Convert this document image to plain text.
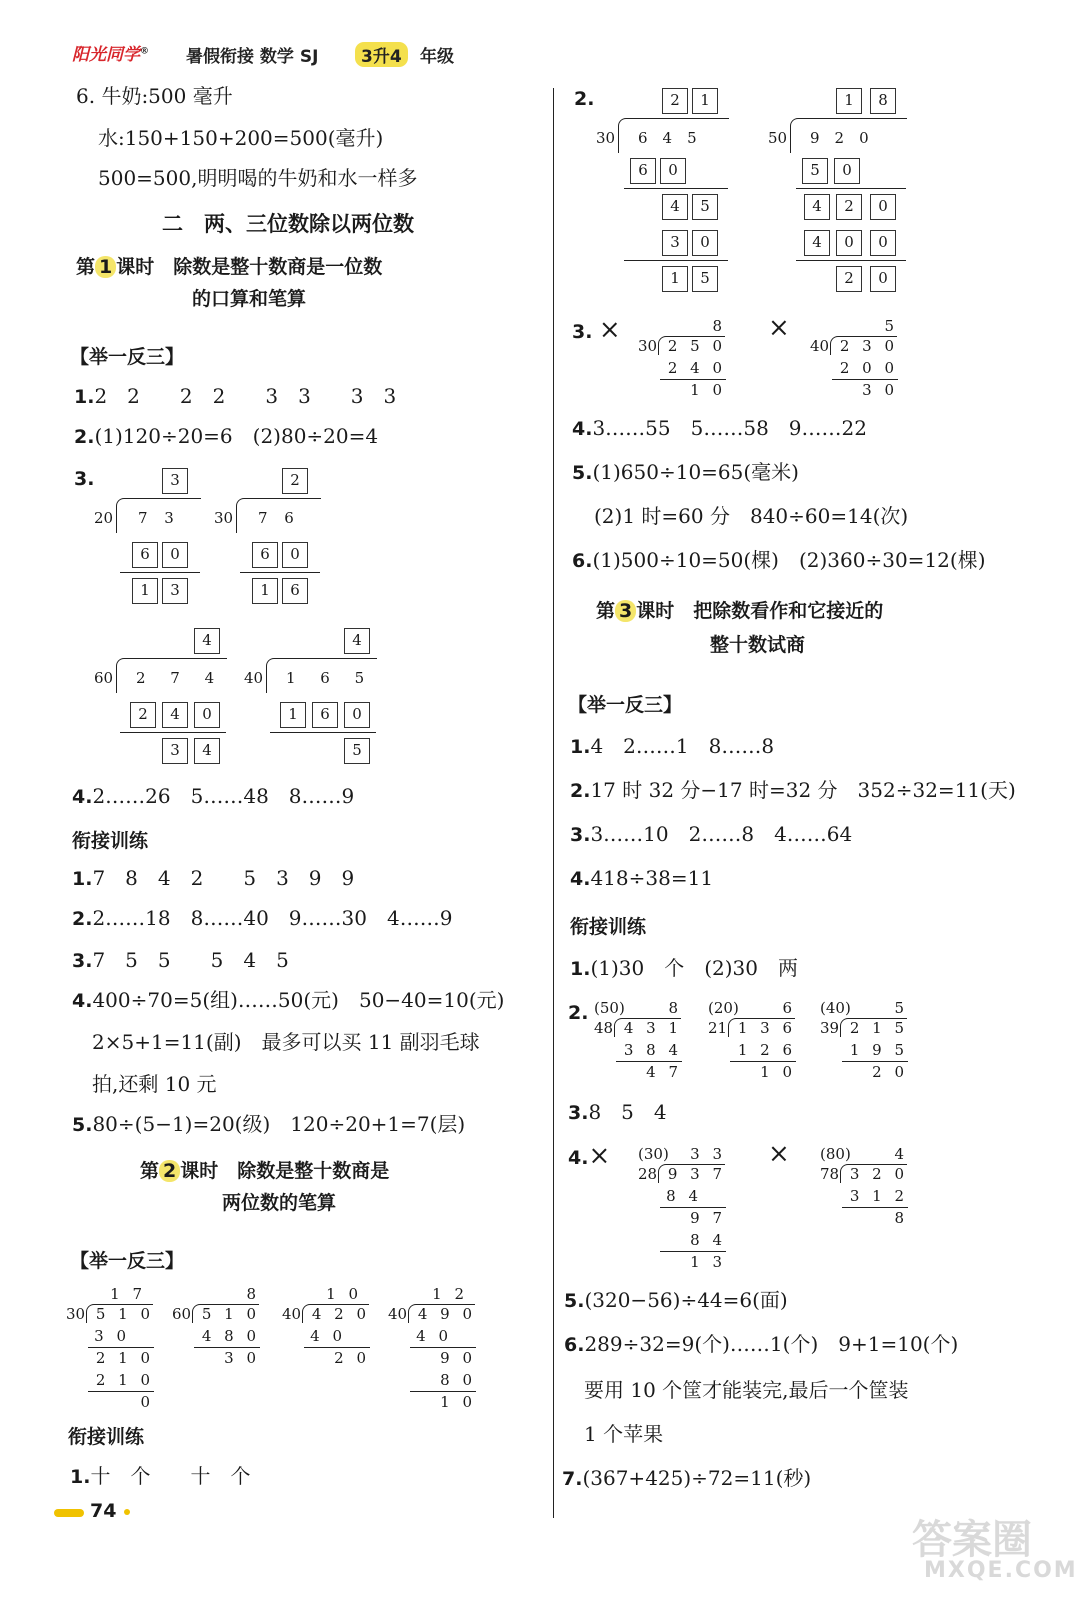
阳光同学® 暑假衔接 数学 SJ	3升4	年级
6. 牛奶:500 毫升
水:150+150+200=500(毫升)
500=500,明明喝的牛奶和水一样多
二　两、三位数除以两位数
第 1 课时　除数是整十数商是一位数
的口算和笔算
【举一反三】
1.2　2　　2　2　　3　3　　3　3
2.(1)120÷20=6　(2)80÷20=4
3.	3
20 7 3
6	0
1	3
2
30 7 6
6	0
1	6
4
60 2 7 4
2	4	0
3	4
4
40 1 6 5
1	6	0
5
4.2……26　5……48　8……9
衔接训练
1.7　8　4　2　　5　3　9　9
2.2……18　8……40　9……30　4……9
3.7　5　5　　5　4　5
4.400÷70=5(组)……50(元)　50−40=10(元)
2×5+1=11(副)　最多可以买 11 副羽毛球
拍,还剩 10 元
5.80÷(5−1)=20(级)　120÷20+1=7(层)
第 2 课时　除数是整十数商是
两位数的笔算
【举一反三】
1 7
30 5 1 0
3 0
2 1 0
2 1 0
0
8
60 5 1 0
4 8 0
3 0
1 0
40 4 2 0
4 0
2 0
1 2
40 4 9 0
4 0
9 0
8 0
1 0
衔接训练
1.十　个　　十　个
74
2.	2	1
30 6　4　5
6	0
4	5
3	0
1	5
1	8
50 9　2　0
5	0
4	2	0
4	0	0
2	0
3. ×	8
30 2 5 0
2 4 0
1 0
×	5
40 2 3 0
2 0 0
3 0
4.3……55　5……58　9……22
5.(1)650÷10=65(毫米)
(2)1 时=60 分　840÷60=14(次)
6.(1)500÷10=50(棵)　(2)360÷30=12(棵)
第 3 课时　把除数看作和它接近的
整十数试商
【举一反三】
1.4　2……1　8……8
2.17 时 32 分−17 时=32 分　352÷32=11(天)
3.3……10　2……8　4……64
4.418÷38=11
衔接训练
1.(1)30　个　(2)30　两
2. (50)	8
48 4 3 1
3 8 4
4 7
(20)	6
21 1 3 6
1 2 6
1 0
(40)	5
39 2 1 5
1 9 5
2 0
3.8　5　4
4.× (30) 3 3
28 9 3 7
8 4
9 7
8 4
1 3
× (80)	4
78 3 2 0
3 1 2
8
5.(320−56)÷44=6(面)
6.289÷32=9(个)……1(个)　9+1=10(个)
要用 10 个筐才能装完,最后一个筐装
1 个苹果
7.(367+425)÷72=11(秒)
答案圈
MXQE.COM
